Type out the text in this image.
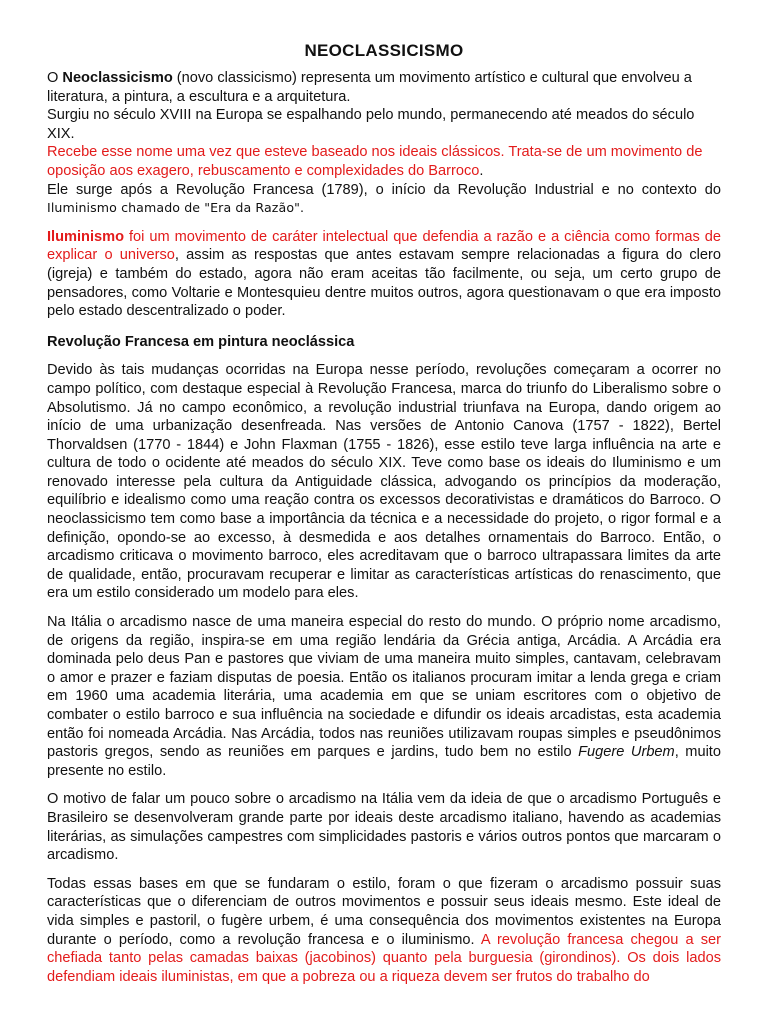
NEOCLASSICISMO

O Neoclassicismo (novo classicismo) representa um movimento artístico e cultural que envolveu a literatura, a pintura, a escultura e a arquitetura.

Surgiu no século XVIII na Europa se espalhando pelo mundo, permanecendo até meados do século XIX.

Recebe esse nome uma vez que esteve baseado nos ideais clássicos. Trata-se de um movimento de oposição aos exagero, rebuscamento e complexidades do Barroco.

Ele surge após a Revolução Francesa (1789), o início da Revolução Industrial e no contexto do Iluminismo chamado de "Era da Razão".

Iluminismo foi um movimento de caráter intelectual que defendia a razão e a ciência como formas de explicar o universo, assim as respostas que antes estavam sempre relacionadas a figura do clero (igreja) e também do estado, agora não eram aceitas tão facilmente, ou seja, um certo grupo de pensadores, como Voltarie e Montesquieu dentre muitos outros, agora questionavam o que era imposto pelo estado descentralizado o poder.

Revolução Francesa em pintura neoclássica

Devido às tais mudanças ocorridas na Europa nesse período, revoluções começaram a ocorrer no campo político, com destaque especial à Revolução Francesa, marca do triunfo do Liberalismo sobre o Absolutismo. Já no campo econômico, a revolução industrial triunfava na Europa, dando origem ao início de uma urbanização desenfreada. Nas versões de Antonio Canova (1757 - 1822), Bertel Thorvaldsen (1770 - 1844) e John Flaxman (1755 - 1826), esse estilo teve larga influência na arte e cultura de todo o ocidente até meados do século XIX. Teve como base os ideais do Iluminismo e um renovado interesse pela cultura da Antiguidade clássica, advogando os princípios da moderação, equilíbrio e idealismo como uma reação contra os excessos decorativistas e dramáticos do Barroco. O neoclassicismo tem como base a importância da técnica e a necessidade do projeto, o rigor formal e a definição, opondo-se ao excesso, à desmedida e aos detalhes ornamentais do Barroco. Então, o arcadismo criticava o movimento barroco, eles acreditavam que o barroco ultrapassara limites da arte de qualidade, então, procuravam recuperar e limitar as características artísticas do renascimento, que era um estilo considerado um modelo para eles.

Na Itália o arcadismo nasce de uma maneira especial do resto do mundo. O próprio nome arcadismo, de origens da região, inspira-se em uma região lendária da Grécia antiga, Arcádia. A Arcádia era dominada pelo deus Pan e pastores que viviam de uma maneira muito simples, cantavam, celebravam o amor e prazer e faziam disputas de poesia. Então os italianos procuram imitar a lenda grega e criam em 1960 uma academia literária, uma academia em que se uniam escritores com o objetivo de combater o estilo barroco e sua influência na sociedade e difundir os ideais arcadistas, esta academia então foi nomeada Arcádia. Nas Arcádia, todos nas reuniões utilizavam roupas simples e pseudônimos pastoris gregos, sendo as reuniões em parques e jardins, tudo bem no estilo Fugere Urbem, muito presente no estilo.

O motivo de falar um pouco sobre o arcadismo na Itália vem da ideia de que o arcadismo Português e Brasileiro se desenvolveram grande parte por ideais deste arcadismo italiano, havendo as academias literárias, as simulações campestres com simplicidades pastoris e vários outros pontos que marcaram o arcadismo.

Todas essas bases em que se fundaram o estilo, foram o que fizeram o arcadismo possuir suas características que o diferenciam de outros movimentos e possuir seus ideais mesmo. Este ideal de vida simples e pastoril, o fugère urbem, é uma consequência dos movimentos existentes na Europa durante o período, como a revolução francesa e o iluminismo. A revolução francesa chegou a ser chefiada tanto pelas camadas baixas (jacobinos) quanto pela burguesia (girondinos). Os dois lados defendiam ideais iluministas, em que a pobreza ou a riqueza devem ser frutos do trabalho do
